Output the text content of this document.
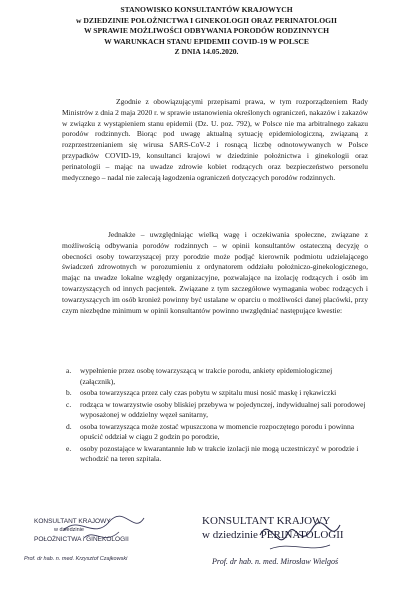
STANOWISKO KONSULTANTÓW KRAJOWYCH
w DZIEDZINIE POŁOŻNICTWA I GINEKOLOGII ORAZ PERINATOLOGII
W SPRAWIE MOŻLIWOŚCI ODBYWANIA PORODÓW RODZINNYCH
W WARUNKACH STANU EPIDEMII COVID-19 W POLSCE
Z DNIA 14.05.2020.
Zgodnie z obowiązującymi przepisami prawa, w tym rozporządzeniem Rady Ministrów z dnia 2 maja 2020 r. w sprawie ustanowienia określonych ograniczeń, nakazów i zakazów w związku z wystąpieniem stanu epidemii (Dz. U. poz. 792), w Polsce nie ma arbitralnego zakazu porodów rodzinnych. Biorąc pod uwagę aktualną sytuację epidemiologiczną, związaną z rozprzestrzenianiem się wirusa SARS-CoV-2 i rosnącą liczbę odnotowywanych w Polsce przypadków COVID-19, konsultanci krajowi w dziedzinie położnictwa i ginekologii oraz perinatologii – mając na uwadze zdrowie kobiet rodzących oraz bezpieczeństwo personelu medycznego – nadal nie zalecają łagodzenia ograniczeń dotyczących porodów rodzinnych.
Jednakże – uwzględniając wielką wagę i oczekiwania społeczne, związane z możliwością odbywania porodów rodzinnych – w opinii konsultantów ostateczną decyzję o obecności osoby towarzyszącej przy porodzie może podjąć kierownik podmiotu udzielającego świadczeń zdrowotnych w porozumieniu z ordynatorem oddziału położniczo-ginekologicznego, mając na uwadze lokalne względy organizacyjne, pozwalające na izolację rodzących i osób im towarzyszących od innych pacjentek. Związane z tym szczegółowe wymagania wobec rodzących i towarzyszących im osób kronież powinny być ustalane w oparciu o możliwości danej placówki, przy czym niezbędne minimum w opinii konsultantów powinno uwzględniać następujące kwestie:
a.	wypełnienie przez osobę towarzyszącą w trakcie porodu, ankiety epidemiologicznej (załącznik),
b.	osoba towarzysząca przez cały czas pobytu w szpitalu musi nosić maskę i rękawiczki
c.	rodząca w towarzystwie osoby bliskiej przebywa w pojedynczej, indywidualnej sali porodowej wyposażonej w oddzielny węzeł sanitarny,
d.	osoba towarzysząca może zostać wpuszczona w momencie rozpoczętego porodu i powinna opuścić oddział w ciągu 2 godzin po porodzie,
e.	osoby pozostające w kwarantannie lub w trakcie izolacji nie mogą uczestniczyć w porodzie i wchodzić na teren szpitala.
KONSULTANT KRAJOWY
w dziedzinie
POŁOŻNICTWA i GINEKOLOGII
Prof. dr hab. n. med. Krzysztof Czajkowski
KONSULTANT KRAJOWY
w dziedzinie PERINATOLOGII
Prof. dr hab. n. med. Mirosław Wielgoś
